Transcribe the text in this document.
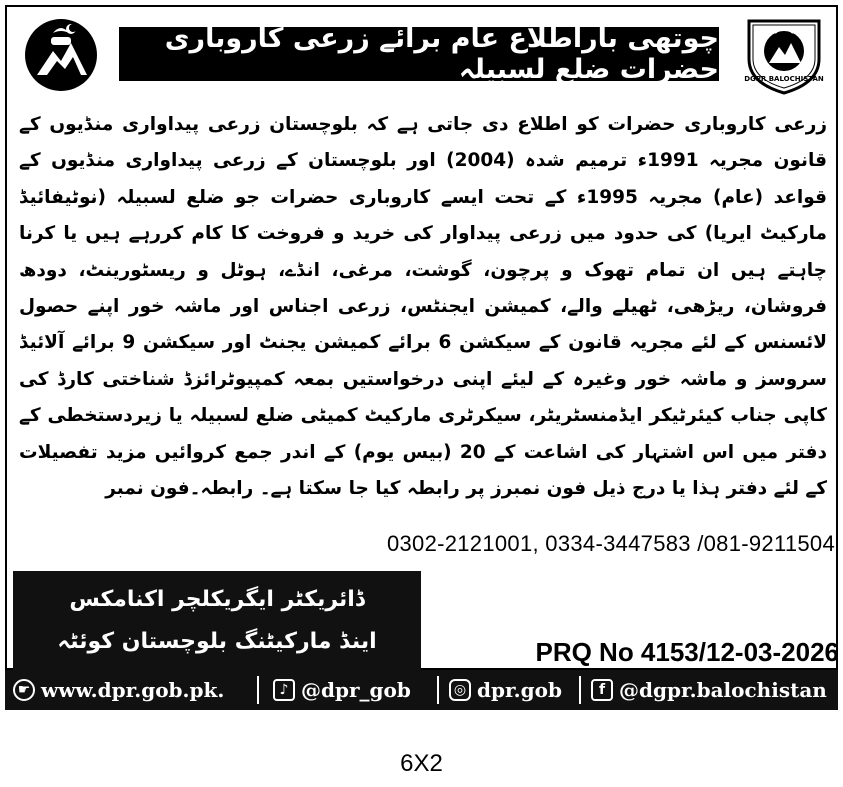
چوتھی باراطلاع عام برائے زرعی کاروباری حضرات ضلع لسبیلہ	DGPR BALOCHISTAN
زرعی کاروباری حضرات کو اطلاع دی جاتی ہے کہ بلوچستان زرعی پیداواری منڈیوں کے قانون مجریہ 1991ء ترمیم شدہ (2004) اور بلوچستان کے زرعی پیداواری منڈیوں کے قواعد (عام) مجریہ 1995ء کے تحت ایسے کاروباری حضرات جو ضلع لسبیلہ (نوٹیفائیڈ مارکیٹ ایریا) کی حدود میں زرعی پیداوار کی خرید و فروخت کا کام کررہے ہیں یا کرنا چاہتے ہیں ان تمام تھوک و پرچون، گوشت، مرغی، انڈے، ہوٹل و ریسٹورینٹ، دودھ فروشان، ریڑھی، ٹھیلے والے، کمیشن ایجنٹس، زرعی اجناس اور ماشہ خور اپنے حصول لائسنس کے لئے مجریہ قانون کے سیکشن 6 برائے کمیشن یجنٹ اور سیکشن 9 برائے آلائیڈ سروسز و ماشہ خور وغیرہ کے لیئے اپنی درخواستیں بمعہ کمپیوٹرائزڈ شناختی کارڈ کی کاپی جناب کیئرٹیکر ایڈمنسٹریٹر، سیکرٹری مارکیٹ کمیٹی ضلع لسبیلہ یا زیردستخطی کے دفتر میں اس اشتہار کی اشاعت کے 20 (بیس یوم) کے اندر جمع کروائیں مزید تفصیلات کے لئے دفتر ہذا یا درج ذیل فون نمبرز پر رابطہ کیا جا سکتا ہے۔ رابطہ۔فون نمبر
0302-2121001, 0334-3447583 /081-9211504
ڈائریکٹر ایگریکلچر اکنامکس
اینڈ مارکیٹنگ بلوچستان کوئٹہ	PRQ No 4153/12-03-2026
☛ www.dpr.gob.pk.	♪ @dpr_gob	◎ dpr.gob	f @dgpr.balochistan
6X2
